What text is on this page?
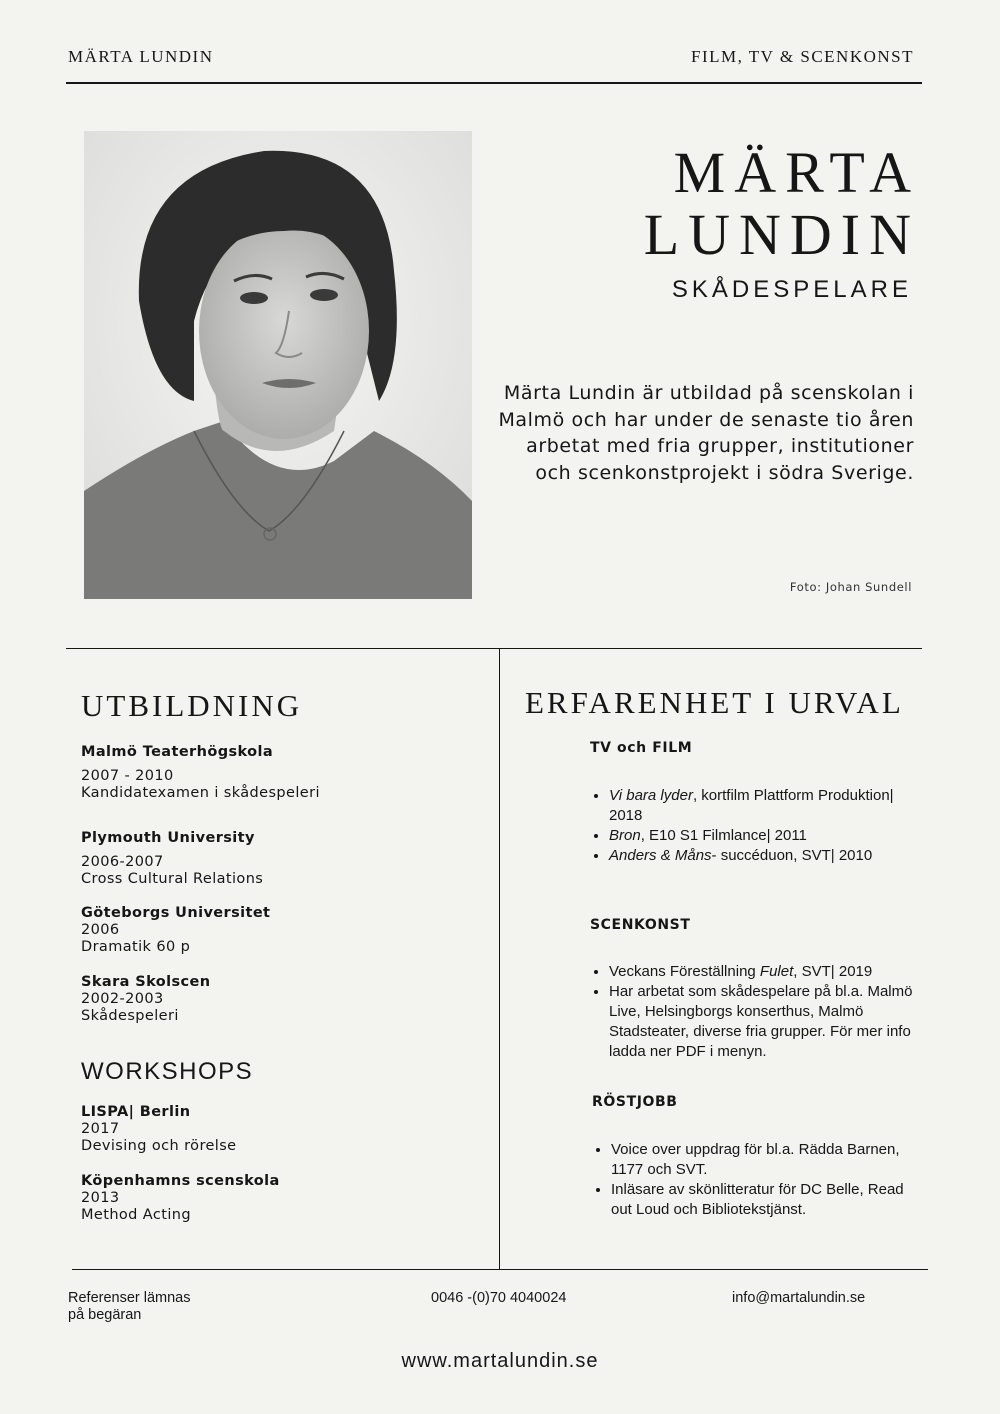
MÄRTA LUNDIN	FILM, TV & SCENKONST
MÄRTA
LUNDIN
SKÅDESPELARE
Märta Lundin är utbildad på scenskolan i Malmö och har under de senaste tio åren arbetat med fria grupper, institutioner och scenkonstprojekt i södra Sverige.
Foto: Johan Sundell
UTBILDNING
Malmö Teaterhögskola
2007 - 2010
Kandidatexamen i skådespeleri
Plymouth University
2006-2007
Cross Cultural Relations
Göteborgs Universitet
2006
Dramatik 60 p
Skara Skolscen
2002-2003
Skådespeleri
WORKSHOPS
LISPA| Berlin
2017
Devising och rörelse
Köpenhamns scenskola
2013
Method Acting
ERFARENHET I URVAL
TV och FILM
• Vi bara lyder, kortfilm Plattform Produktion| 2018
• Bron, E10 S1 Filmlance| 2011
• Anders & Måns- succéduon, SVT| 2010
SCENKONST
• Veckans Föreställning Fulet, SVT| 2019
• Har arbetat som skådespelare på bl.a. Malmö Live, Helsingborgs konserthus, Malmö Stadsteater, diverse fria grupper. För mer info ladda ner PDF i menyn.
RÖSTJOBB
• Voice over uppdrag för bl.a. Rädda Barnen, 1177 och SVT.
• Inläsare av skönlitteratur för DC Belle, Read out Loud och Bibliotekstjänst.
Referenser lämnas
på begäran
0046 -(0)70 4040024	info@martalundin.se
www.martalundin.se
